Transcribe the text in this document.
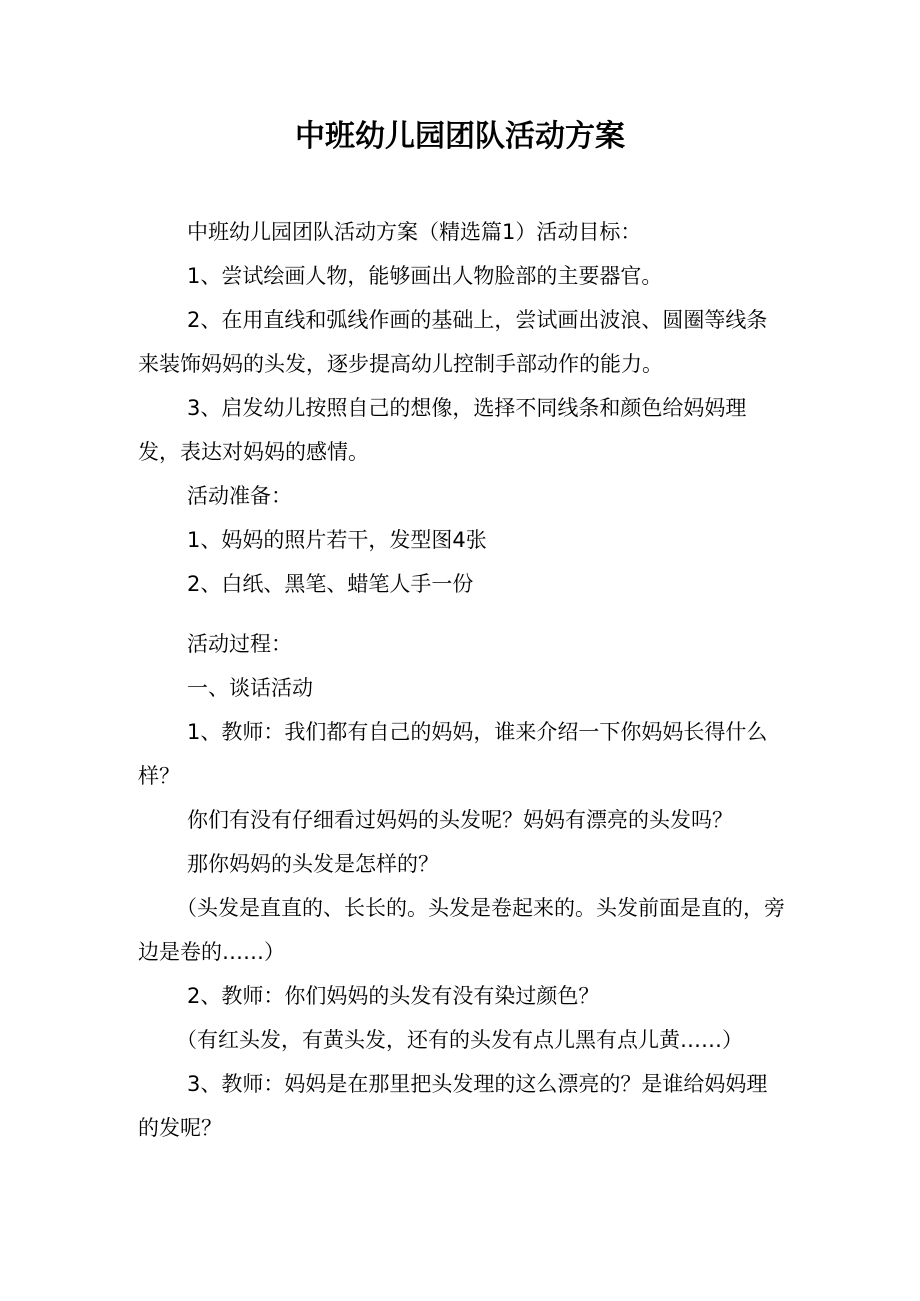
中班幼儿园团队活动方案
中班幼儿园团队活动方案（精选篇1）活动目标：
1、尝试绘画人物，能够画出人物脸部的主要器官。
2、在用直线和弧线作画的基础上，尝试画出波浪、圆圈等线条来装饰妈妈的头发，逐步提高幼儿控制手部动作的能力。
3、启发幼儿按照自己的想像，选择不同线条和颜色给妈妈理发，表达对妈妈的感情。
活动准备：
1、妈妈的照片若干，发型图4张
2、白纸、黑笔、蜡笔人手一份
活动过程：
一、谈话活动
1、教师：我们都有自己的妈妈，谁来介绍一下你妈妈长得什么样？
你们有没有仔细看过妈妈的头发呢？妈妈有漂亮的头发吗？
那你妈妈的头发是怎样的？
（头发是直直的、长长的。头发是卷起来的。头发前面是直的，旁边是卷的……）
2、教师：你们妈妈的头发有没有染过颜色？
（有红头发，有黄头发，还有的头发有点儿黑有点儿黄……）
3、教师：妈妈是在那里把头发理的这么漂亮的？是谁给妈妈理的发呢？
